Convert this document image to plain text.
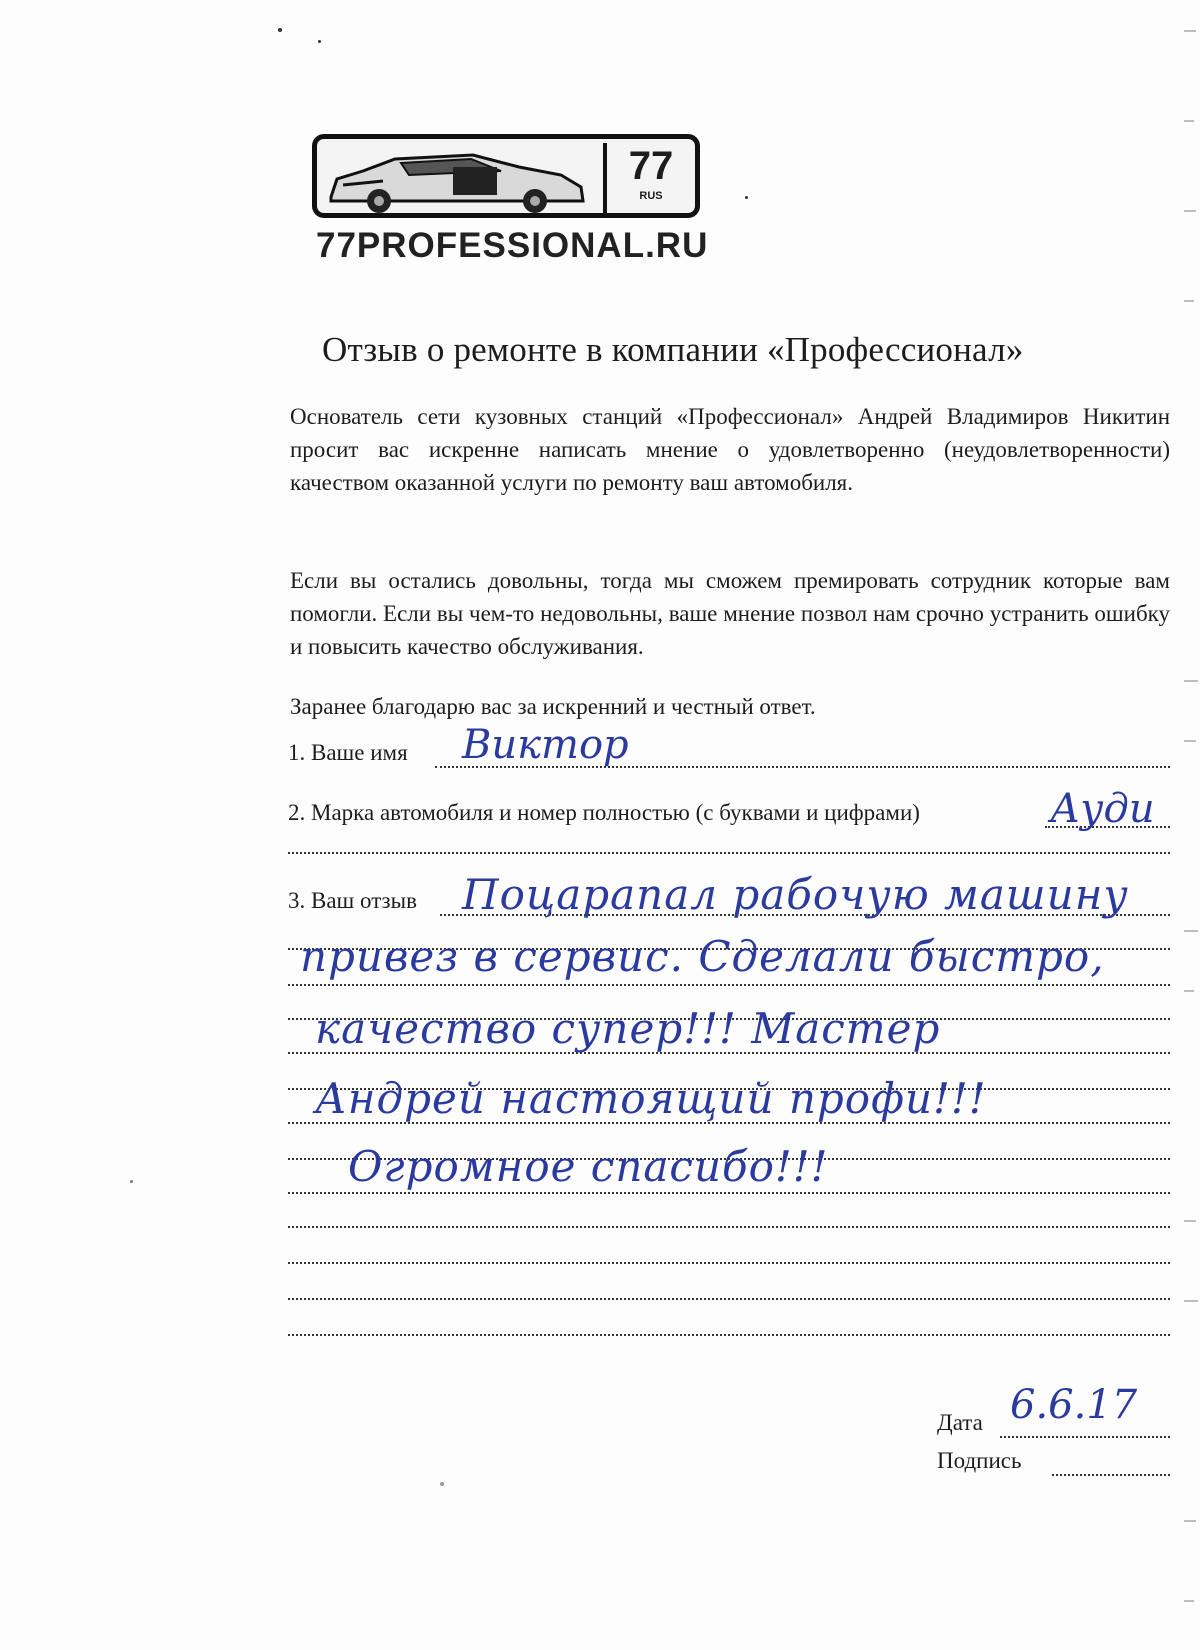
77
RUS
77PROFESSIONAL.RU
Отзыв о ремонте в компании «Профессионал»

Основатель сети кузовных станций «Профессионал» Андрей Владимиров Никитин просит вас искренне написать мнение о удовлетворенно (неудовлетворенности) качеством оказанной услуги по ремонту ваш автомобиля.

Если вы остались довольны, тогда мы сможем премировать сотрудник которые вам помогли. Если вы чем-то недовольны, ваше мнение позвол нам срочно устранить ошибку и повысить качество обслуживания.

Заранее благодарю вас за искренний и честный ответ.

1. Ваше имя Виктор
2. Марка автомобиля и номер полностью (с буквами и цифрами)	Ауди
3. Ваш отзыв Поцарапал рабочую машину
привез в сервис. Сделали быстро,
качество супер!!! Мастер
Андрей настоящий профи!!!
Огромное спасибо!!!
Дата 6.6.17
Подпись
